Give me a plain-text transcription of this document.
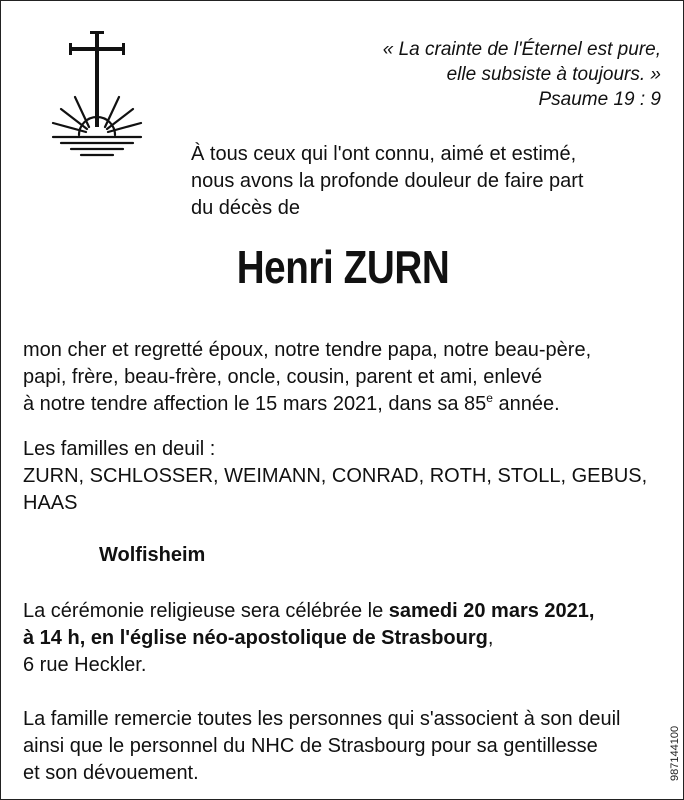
« La crainte de l'Éternel est pure,
elle subsiste à toujours. »
Psaume 19 : 9
À tous ceux qui l'ont connu, aimé et estimé,
nous avons la profonde douleur de faire part
du décès de
Henri ZURN
mon cher et regretté époux, notre tendre papa, notre beau-père,
papi, frère, beau-frère, oncle, cousin, parent et ami, enlevé
à notre tendre affection le 15 mars 2021, dans sa 85e année.
Les familles en deuil :
ZURN, SCHLOSSER, WEIMANN, CONRAD, ROTH, STOLL, GEBUS,
HAAS
Wolfisheim
La cérémonie religieuse sera célébrée le samedi 20 mars 2021,
à 14 h, en l'église néo-apostolique de Strasbourg,
6 rue Heckler.
La famille remercie toutes les personnes qui s'associent à son deuil
ainsi que le personnel du NHC de Strasbourg pour sa gentillesse
et son dévouement.	987144100
